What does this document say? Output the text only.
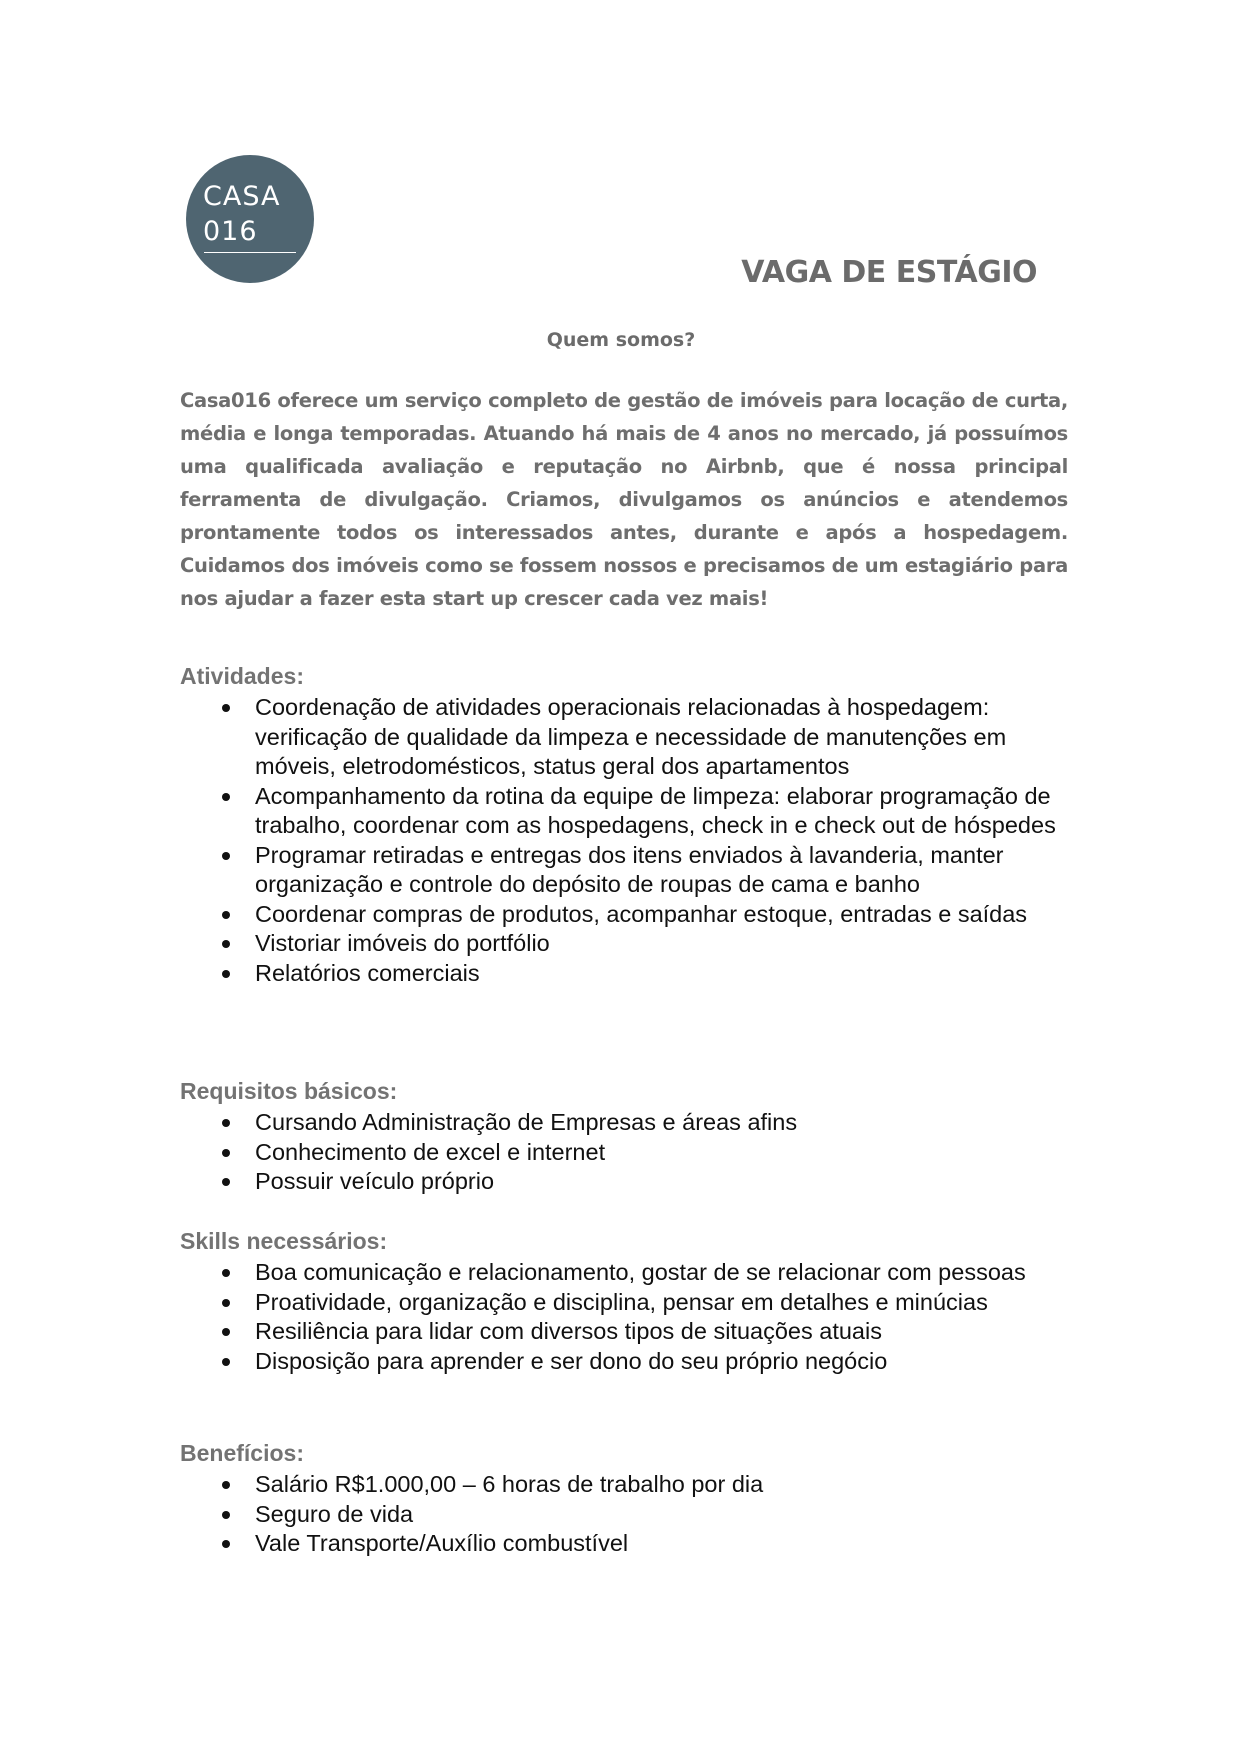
CASA
016
VAGA DE ESTÁGIO
Quem somos?

Casa016 oferece um serviço completo de gestão de imóveis para locação de curta, média e longa temporadas. Atuando há mais de 4 anos no mercado, já possuímos uma qualificada avaliação e reputação no Airbnb, que é nossa principal ferramenta de divulgação. Criamos, divulgamos os anúncios e atendemos prontamente todos os interessados antes, durante e após a hospedagem. Cuidamos dos imóveis como se fossem nossos e precisamos de um estagiário para nos ajudar a fazer esta start up crescer cada vez mais!

Atividades:
Coordenação de atividades operacionais relacionadas à hospedagem: verificação de qualidade da limpeza e necessidade de manutenções em móveis, eletrodomésticos, status geral dos apartamentos
Acompanhamento da rotina da equipe de limpeza: elaborar programação de trabalho, coordenar com as hospedagens, check in e check out de hóspedes
Programar retiradas e entregas dos itens enviados à lavanderia, manter organização e controle do depósito de roupas de cama e banho
Coordenar compras de produtos, acompanhar estoque, entradas e saídas
Vistoriar imóveis do portfólio
Relatórios comerciais
Requisitos básicos:
Cursando Administração de Empresas e áreas afins
Conhecimento de excel e internet
Possuir veículo próprio
Skills necessários:
Boa comunicação e relacionamento, gostar de se relacionar com pessoas
Proatividade, organização e disciplina, pensar em detalhes e minúcias
Resiliência para lidar com diversos tipos de situações atuais
Disposição para aprender e ser dono do seu próprio negócio
Benefícios:
Salário R$1.000,00 – 6 horas de trabalho por dia
Seguro de vida
Vale Transporte/Auxílio combustível
